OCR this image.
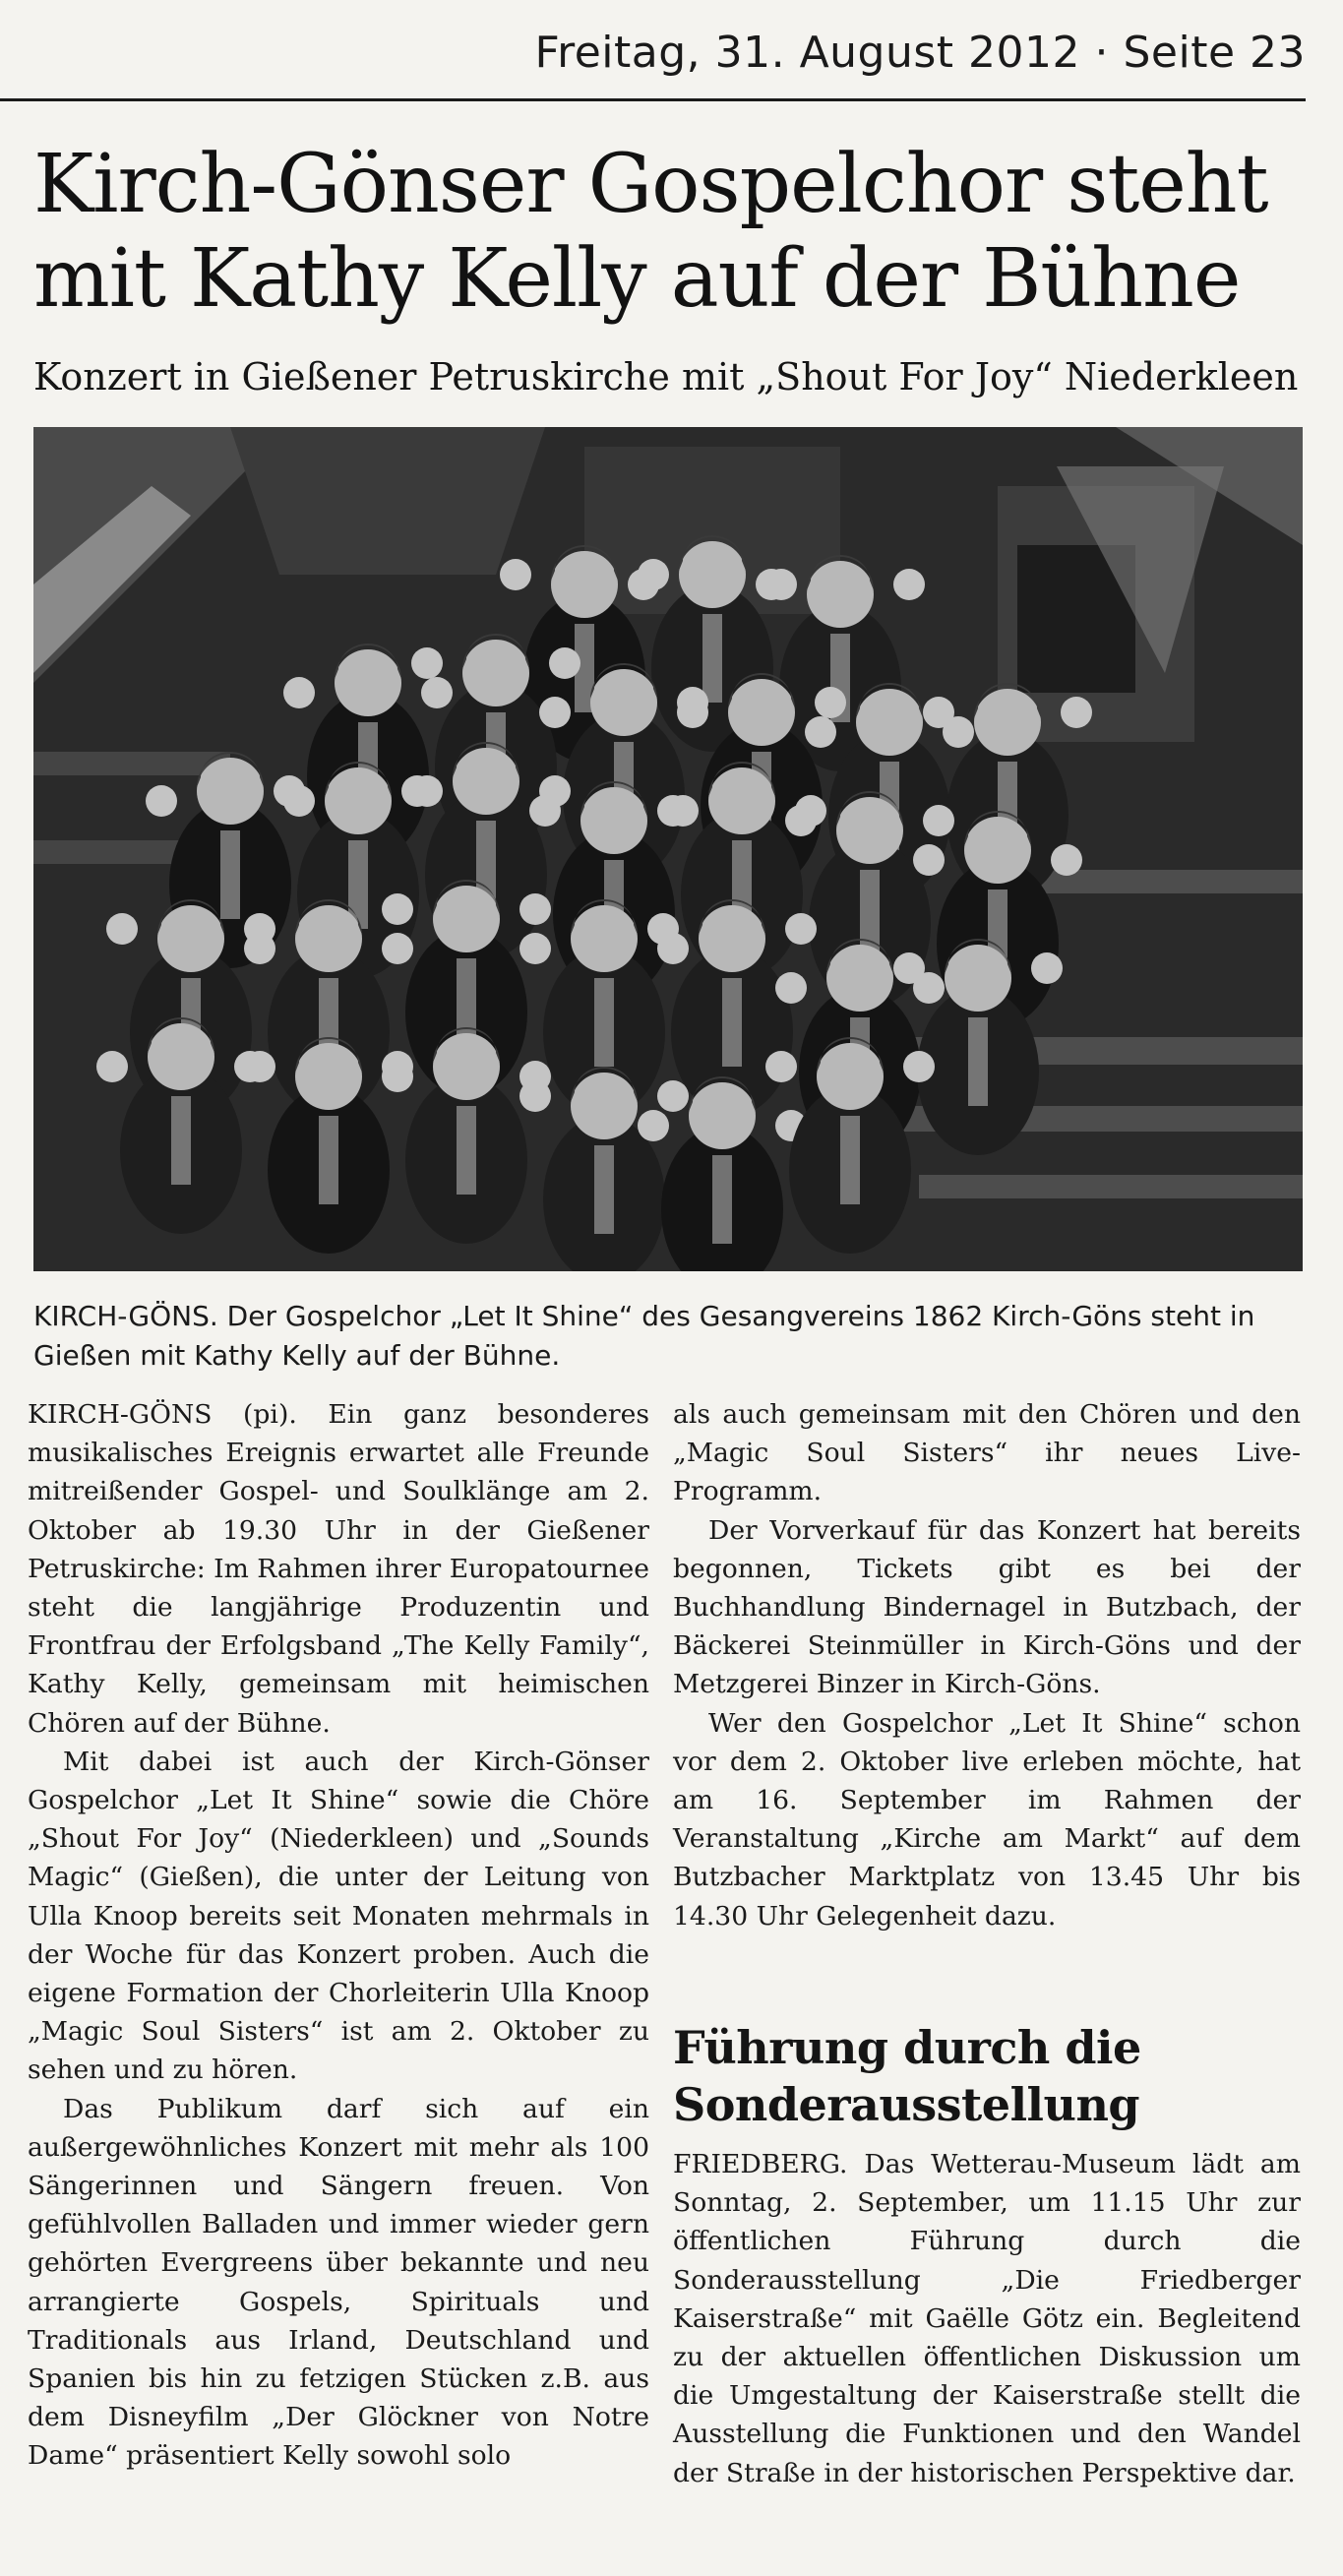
Freitag, 31. August 2012 · Seite 23
Kirch-Gönser Gospelchor steht mit Kathy Kelly auf der Bühne
Konzert in Gießener Petruskirche mit „Shout For Joy“ Niederkleen
KIRCH-GÖNS. Der Gospelchor „Let It Shine“ des Gesangvereins 1862 Kirch-Göns steht in Gießen mit Kathy Kelly auf der Bühne.

KIRCH-GÖNS (pi). Ein ganz besonderes musikalisches Ereignis erwartet alle Freunde mitreißender Gospel- und Soulklänge am 2. Oktober ab 19.30 Uhr in der Gießener Petruskirche: Im Rahmen ihrer Europatournee steht die langjährige Produzentin und Frontfrau der Erfolgsband „The Kelly Family“, Kathy Kelly, gemeinsam mit heimischen Chören auf der Bühne.

Mit dabei ist auch der Kirch-Gönser Gospelchor „Let It Shine“ sowie die Chöre „Shout For Joy“ (Niederkleen) und „Sounds Magic“ (Gießen), die unter der Leitung von Ulla Knoop bereits seit Monaten mehrmals in der Woche für das Konzert proben. Auch die eigene Formation der Chorleiterin Ulla Knoop „Magic Soul Sisters“ ist am 2. Oktober zu sehen und zu hören.

Das Publikum darf sich auf ein außergewöhnliches Konzert mit mehr als 100 Sängerinnen und Sängern freuen. Von gefühlvollen Balladen und immer wieder gern gehörten Evergreens über bekannte und neu arrangierte Gospels, Spirituals und Traditionals aus Irland, Deutschland und Spanien bis hin zu fetzigen Stücken z.B. aus dem Disneyfilm „Der Glöckner von Notre Dame“ präsentiert Kelly sowohl solo

als auch gemeinsam mit den Chören und den „Magic Soul Sisters“ ihr neues Live-Programm.

Der Vorverkauf für das Konzert hat bereits begonnen, Tickets gibt es bei der Buchhandlung Bindernagel in Butzbach, der Bäckerei Steinmüller in Kirch-Göns und der Metzgerei Binzer in Kirch-Göns.

Wer den Gospelchor „Let It Shine“ schon vor dem 2. Oktober live erleben möchte, hat am 16. September im Rahmen der Veranstaltung „Kirche am Markt“ auf dem Butzbacher Marktplatz von 13.45 Uhr bis 14.30 Uhr Gelegenheit dazu.

Führung durch die Sonderausstellung

FRIEDBERG. Das Wetterau-Museum lädt am Sonntag, 2. September, um 11.15 Uhr zur öffentlichen Führung durch die Sonderausstellung „Die Friedberger Kaiserstraße“ mit Gaëlle Götz ein. Begleitend zu der aktuellen öffentlichen Diskussion um die Umgestaltung der Kaiserstraße stellt die Ausstellung die Funktionen und den Wandel der Straße in der historischen Perspektive dar.
